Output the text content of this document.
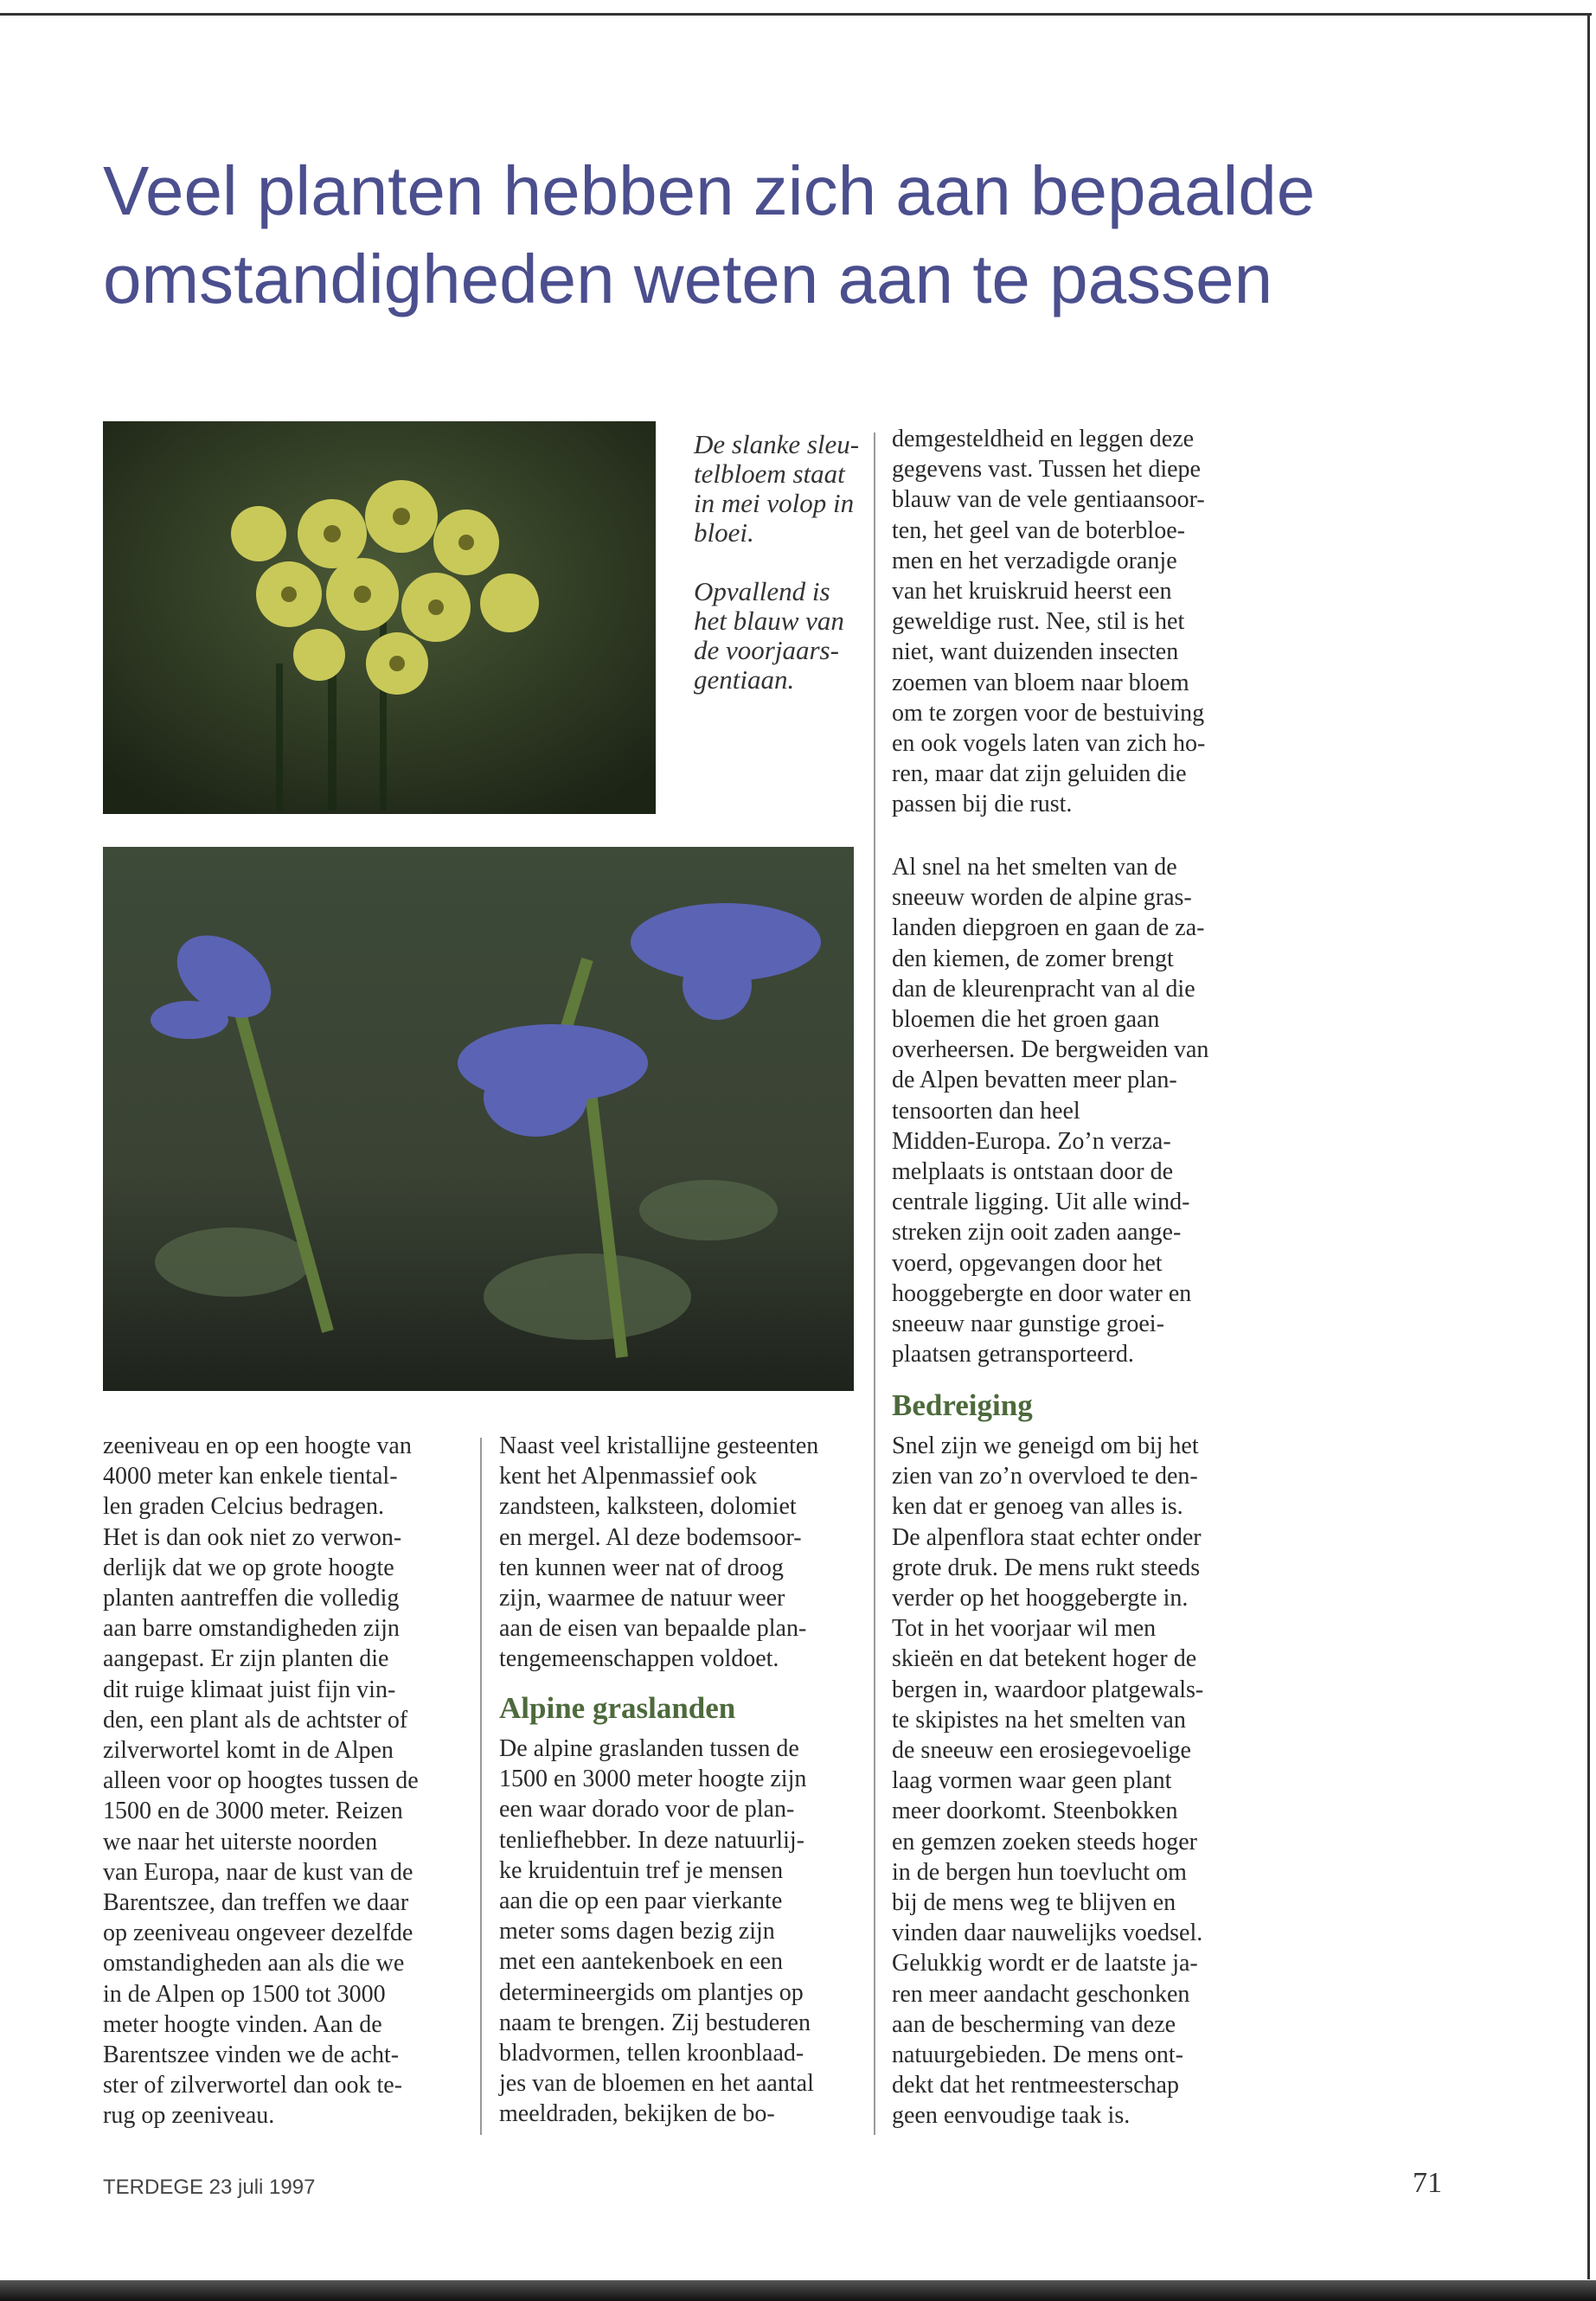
Veel planten hebben zich aan bepaalde
omstandigheden weten aan te passen

De slanke sleu- telbloem staat in mei volop in bloei.

Opvallend is het blauw van de voorjaars- gentiaan.

zeeniveau en op een hoogte van
4000 meter kan enkele tiental-
len graden Celcius bedragen.
Het is dan ook niet zo verwon-
derlijk dat we op grote hoogte
planten aantreffen die volledig
aan barre omstandigheden zijn
aangepast. Er zijn planten die
dit ruige klimaat juist fijn vin-
den, een plant als de achtster of
zilverwortel komt in de Alpen
alleen voor op hoogtes tussen de
1500 en de 3000 meter. Reizen
we naar het uiterste noorden
van Europa, naar de kust van de
Barentszee, dan treffen we daar
op zeeniveau ongeveer dezelfde
omstandigheden aan als die we
in de Alpen op 1500 tot 3000
meter hoogte vinden. Aan de
Barentszee vinden we de acht-
ster of zilverwortel dan ook te-
rug op zeeniveau.
Naast veel kristallijne gesteenten
kent het Alpenmassief ook
zandsteen, kalksteen, dolomiet
en mergel. Al deze bodemsoor-
ten kunnen weer nat of droog
zijn, waarmee de natuur weer
aan de eisen van bepaalde plan-
tengemeenschappen voldoet.
Alpine graslanden
De alpine graslanden tussen de
1500 en 3000 meter hoogte zijn
een waar dorado voor de plan-
tenliefhebber. In deze natuurlij-
ke kruidentuin tref je mensen
aan die op een paar vierkante
meter soms dagen bezig zijn
met een aantekenboek en een
determineergids om plantjes op
naam te brengen. Zij bestuderen
bladvormen, tellen kroonblaad-
jes van de bloemen en het aantal
meeldraden, bekijken de bo-
demgesteldheid en leggen deze
gegevens vast. Tussen het diepe
blauw van de vele gentiaansoor-
ten, het geel van de boterbloe-
men en het verzadigde oranje
van het kruiskruid heerst een
geweldige rust. Nee, stil is het
niet, want duizenden insecten
zoemen van bloem naar bloem
om te zorgen voor de bestuiving
en ook vogels laten van zich ho-
ren, maar dat zijn geluiden die
passen bij die rust.
Al snel na het smelten van de
sneeuw worden de alpine gras-
landen diepgroen en gaan de za-
den kiemen, de zomer brengt
dan de kleurenpracht van al die
bloemen die het groen gaan
overheersen. De bergweiden van
de Alpen bevatten meer plan-
tensoorten dan heel
Midden-Europa. Zo’n verza-
melplaats is ontstaan door de
centrale ligging. Uit alle wind-
streken zijn ooit zaden aange-
voerd, opgevangen door het
hooggebergte en door water en
sneeuw naar gunstige groei-
plaatsen getransporteerd.
Bedreiging
Snel zijn we geneigd om bij het
zien van zo’n overvloed te den-
ken dat er genoeg van alles is.
De alpenflora staat echter onder
grote druk. De mens rukt steeds
verder op het hooggebergte in.
Tot in het voorjaar wil men
skieën en dat betekent hoger de
bergen in, waardoor platgewals-
te skipistes na het smelten van
de sneeuw een erosiegevoelige
laag vormen waar geen plant
meer doorkomt. Steenbokken
en gemzen zoeken steeds hoger
in de bergen hun toevlucht om
bij de mens weg te blijven en
vinden daar nauwelijks voedsel.
Gelukkig wordt er de laatste ja-
ren meer aandacht geschonken
aan de bescherming van deze
natuurgebieden. De mens ont-
dekt dat het rentmeesterschap
geen eenvoudige taak is.
TERDEGE 23 juli 1997	71
